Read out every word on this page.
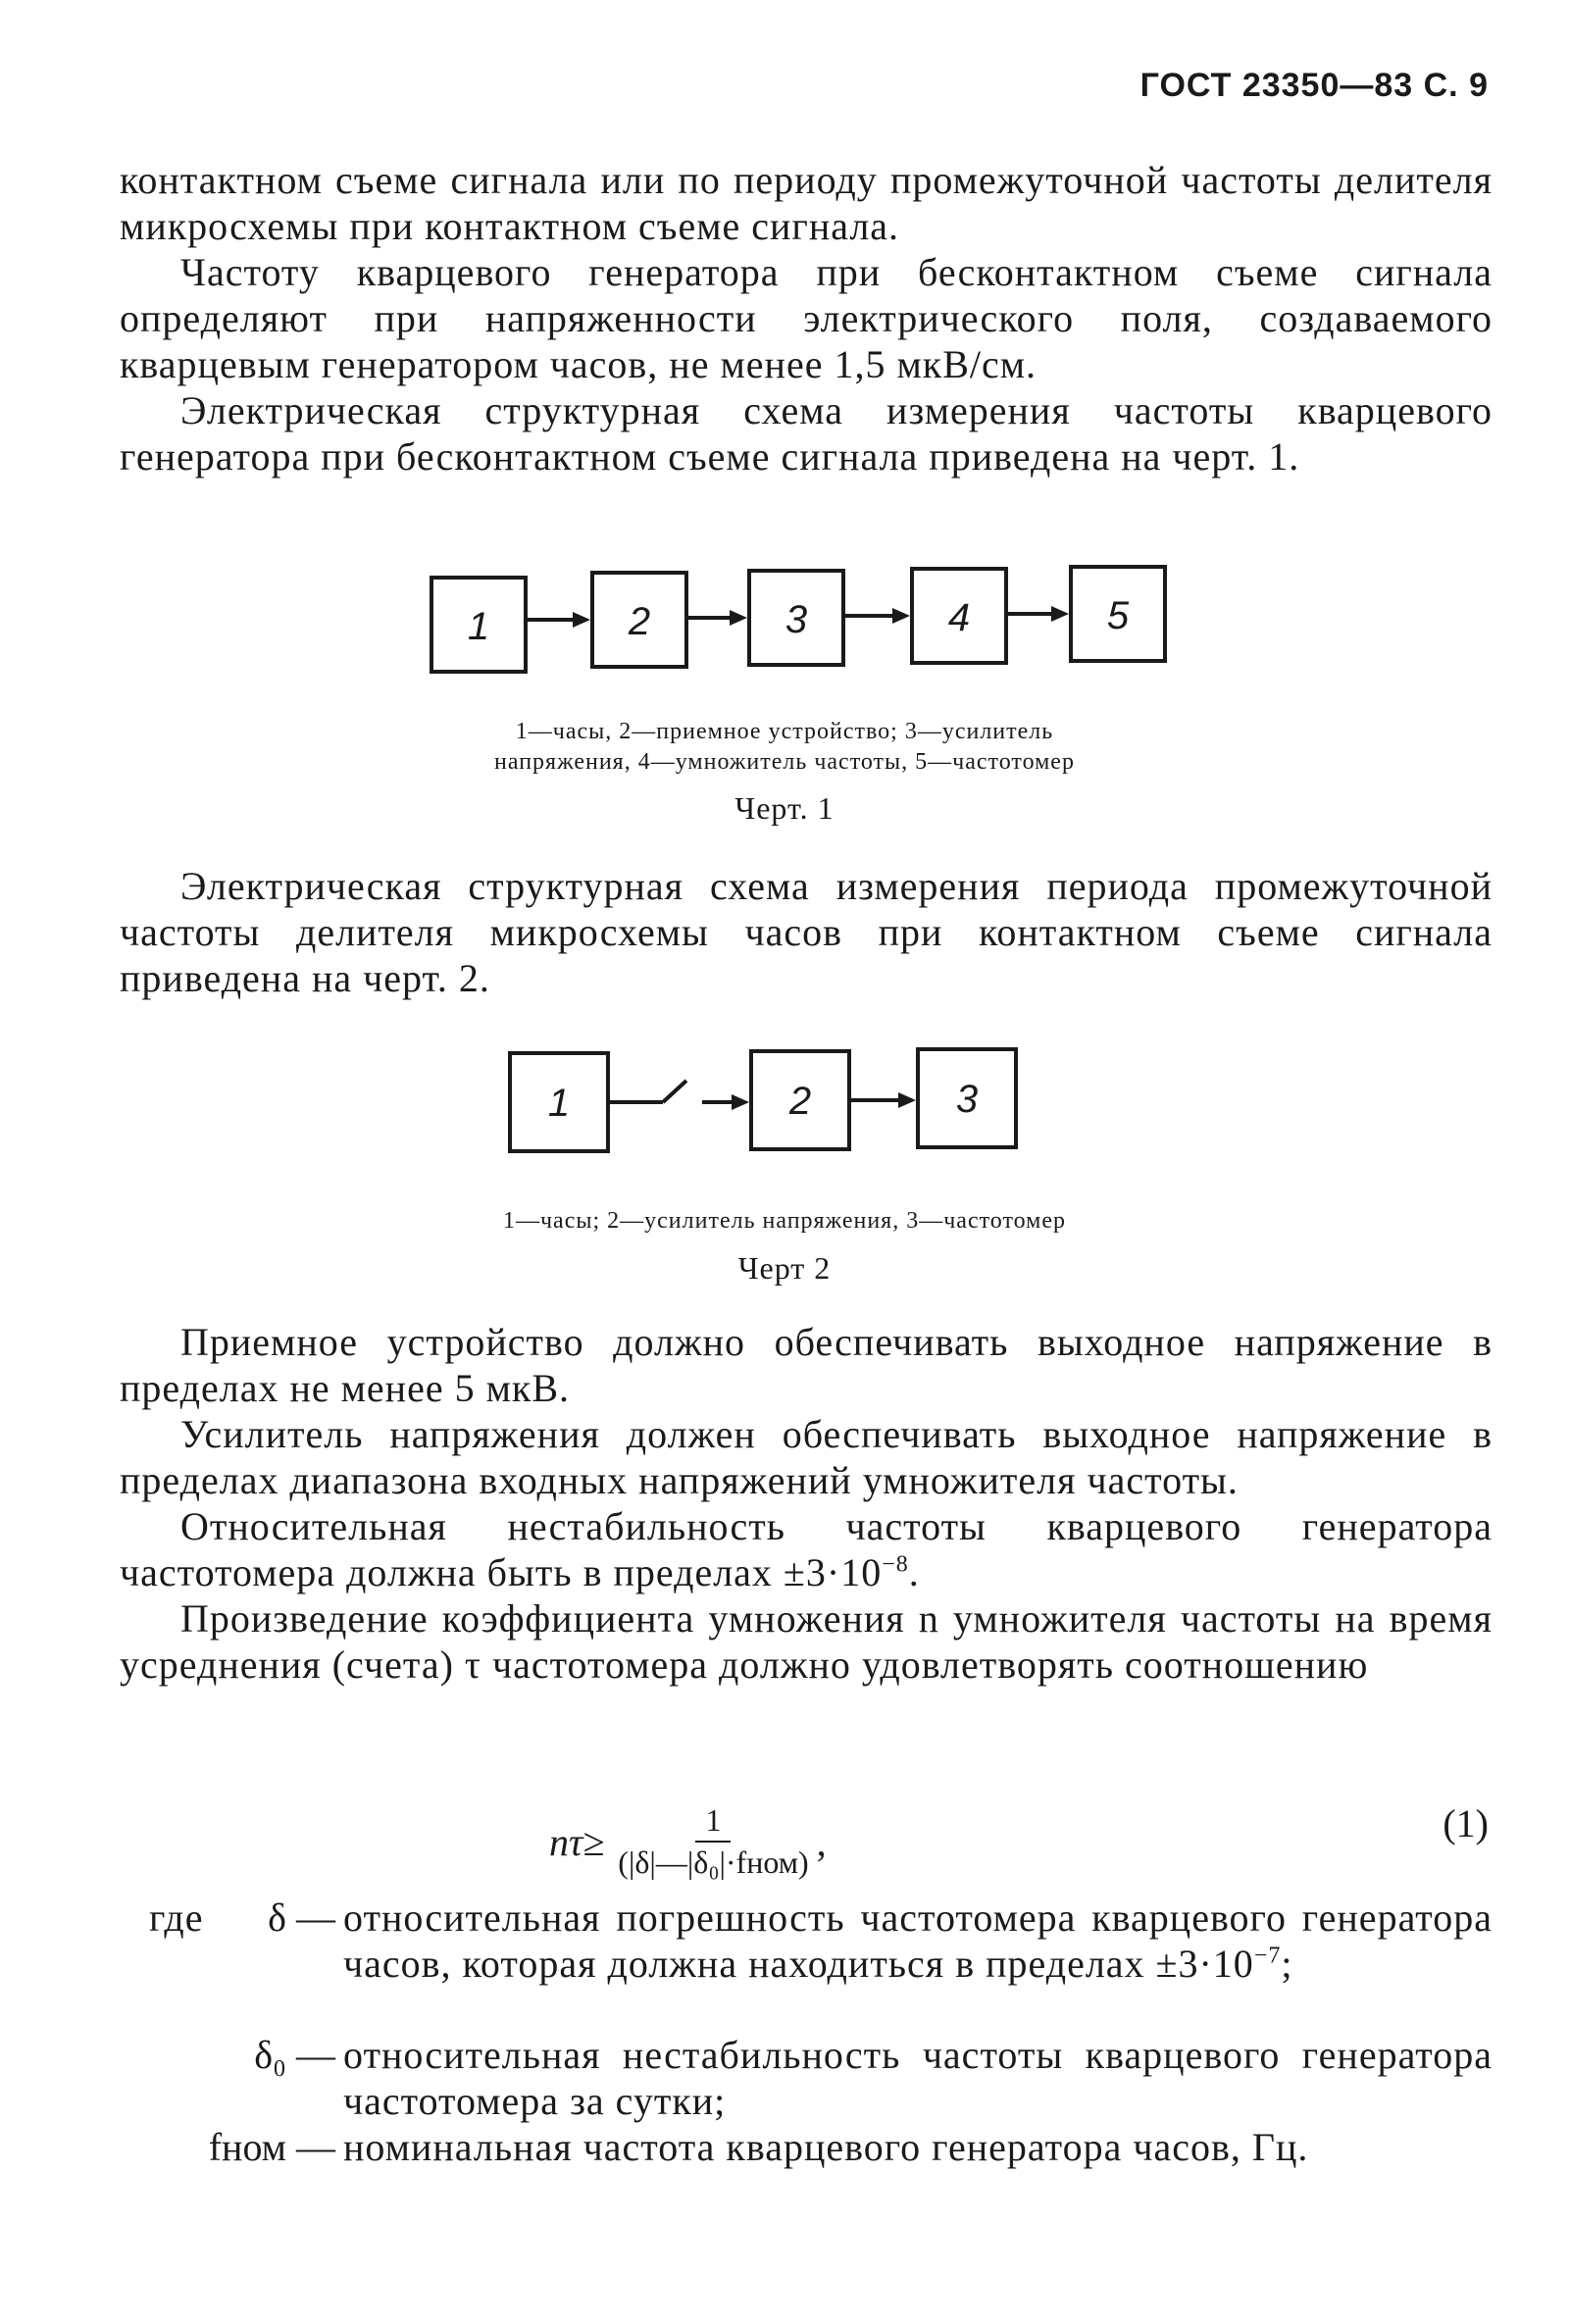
ГОСТ 23350—83 С. 9

контактном съеме сигнала или по периоду промежуточной частоты делителя микросхемы при контактном съеме сигнала.

Частоту кварцевого генератора при бесконтактном съеме сигнала определяют при напряженности электрического поля, создаваемого кварцевым генератором часов, не менее 1,5 мкВ/см.

Электрическая структурная схема измерения частоты кварцевого генератора при бесконтактном съеме сигнала приведена на черт. 1.

1	2	3	4	5
1—часы, 2—приемное устройство; 3—усилитель
напряжения, 4—умножитель частоты, 5—частотомер
Черт. 1

Электрическая структурная схема измерения периода промежуточной частоты делителя микросхемы часов при контактном съеме сигнала приведена на черт. 2.

1	2	3
1—часы; 2—усилитель напряжения, 3—частотомер
Черт 2

Приемное устройство должно обеспечивать выходное напряжение в пределах не менее 5 мкВ.

Усилитель напряжения должен обеспечивать выходное напряжение в пределах диапазона входных напряжений умножителя частоты.

Относительная нестабильность частоты кварцевого генератора частотомера должна быть в пределах $\pm 3\cdot 10^{-8}$.

Произведение коэффициента умножения n умножителя частоты на время усреднения (счета) τ частотомера должно удовлетворять соотношению

$n\tau\ge \frac{1}{\text{(|δ|—|δ₀|·fном)}}$ ,	(1)
где	δ — относительная погрешность частотомера кварцевого генератора часов, которая должна находиться в пределах $\pm 3\cdot 10^{-7}$;
δ₀ — относительная нестабильность частоты кварцевого генератора частотомера за сутки;
fном — номинальная частота кварцевого генератора часов, Гц.
